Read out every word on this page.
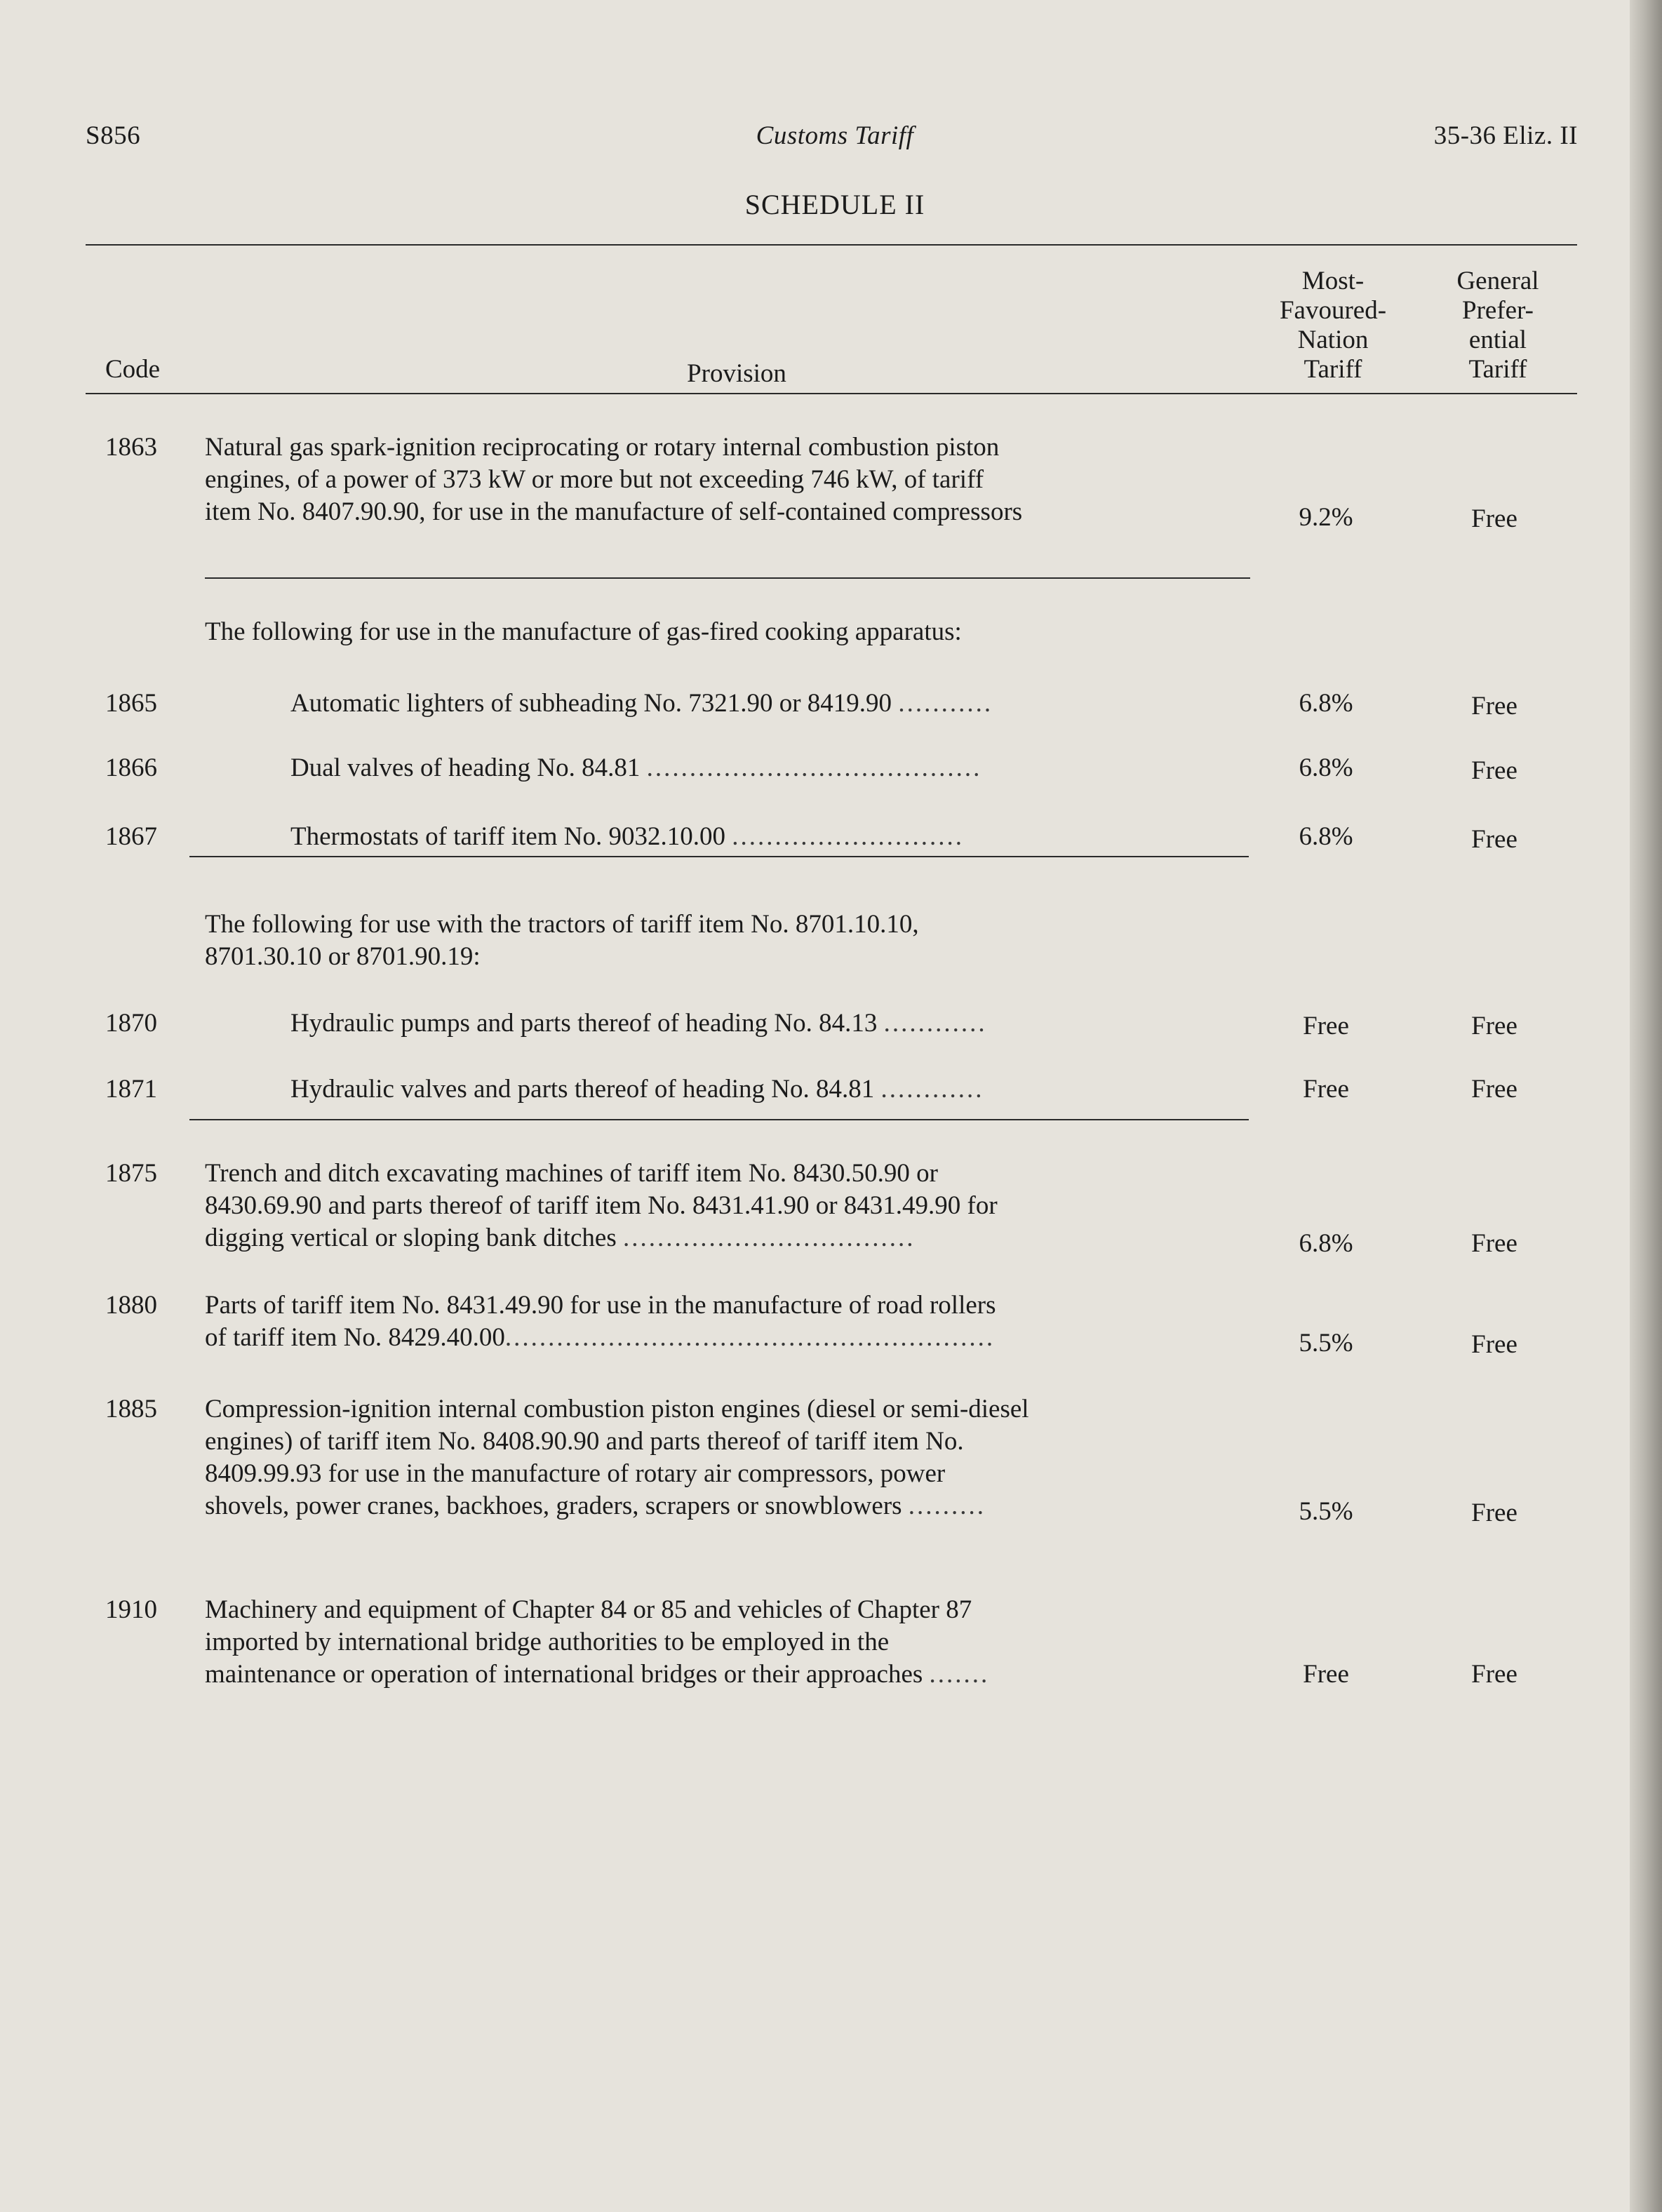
S856	Customs Tariff	35-36 Eliz. II
SCHEDULE II
Code	Provision
Most-
Favoured-
Nation
Tariff
General
Prefer-
ential
Tariff
1863 Natural gas spark-ignition reciprocating or rotary internal combustion piston
engines, of a power of 373 kW or more but not exceeding 746 kW, of tariff
item No. 8407.90.90, for use in the manufacture of self-contained compressors	9.2%	Free
The following for use in the manufacture of gas-fired cooking apparatus:
1865	Automatic lighters of subheading No. 7321.90 or 8419.90 ...........	6.8%	Free
1866	Dual valves of heading No. 84.81 .......................................	6.8%	Free
1867	Thermostats of tariff item No. 9032.10.00 ...........................	6.8%	Free
The following for use with the tractors of tariff item No. 8701.10.10,
8701.30.10 or 8701.90.19:
1870	Hydraulic pumps and parts thereof of heading No. 84.13 ............	Free	Free
1871	Hydraulic valves and parts thereof of heading No. 84.81 ............	Free	Free
1875 Trench and ditch excavating machines of tariff item No. 8430.50.90 or
8430.69.90 and parts thereof of tariff item No. 8431.41.90 or 8431.49.90 for
digging vertical or sloping bank ditches ..................................	6.8%	Free
1880 Parts of tariff item No. 8431.49.90 for use in the manufacture of road rollers
of tariff item No. 8429.40.00.........................................................	5.5%	Free
1885 Compression-ignition internal combustion piston engines (diesel or semi-diesel
engines) of tariff item No. 8408.90.90 and parts thereof of tariff item No.
8409.99.93 for use in the manufacture of rotary air compressors, power
shovels, power cranes, backhoes, graders, scrapers or snowblowers .........	5.5%	Free
1910 Machinery and equipment of Chapter 84 or 85 and vehicles of Chapter 87
imported by international bridge authorities to be employed in the
maintenance or operation of international bridges or their approaches .......	Free	Free
